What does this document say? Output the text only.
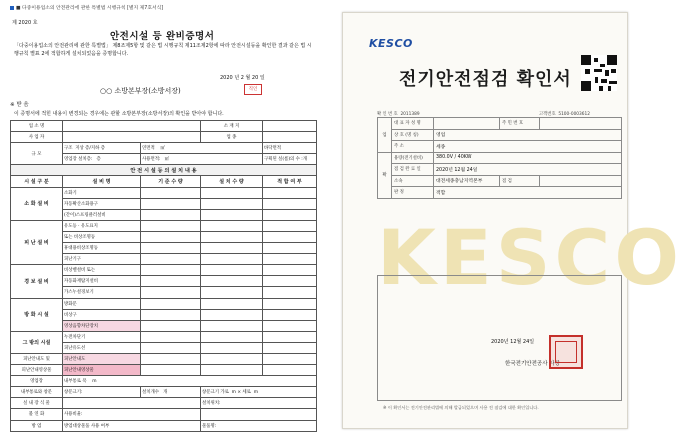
■ 다중이용업소의 안전관리에 관한 특별법 시행규칙 [별지 제7호서식]
제 2020 호
안전시설 등 완비증명서
「다중이용업소의 안전관리에 관한 특별법」 제8조제5항 및 같은 법 시행규칙 제11조제2항에 따라 안전시설등을 확인한 결과 같은 법 시행규칙 별표 2에 적합하게 설치되었음을 증명합니다.
2020 년 2 월 20 일
○○ 소방본부장(소방서장)	직인
※ 받 음
이 증명서에 적힌 내용이 변경되는 경우에는 관할 소방본부장(소방서장)의 확인을 받아야 합니다.
업 소 명			소 재 지	
사 업 자			업 종	
규 모	구조 지상 층/지하 층	연면적 ㎡		바닥면적
	영업장 설치층: 층	사용면적: ㎡		구획된 실(룸)의 수 :개
안 전 시 설 등 의 설 치 내 용				
시 설 구 분	설 비 명	기 준 수 량	설 치 수 량	적 합 여 부
소 화 설 비	소화기			
	자동확산소화용구			
	(간이)스프링클러설비			
피 난 설 비	유도등 · 유도표지			
	또는 비상조명등			
	휴대용비상조명등			
	피난기구			
경 보 설 비	비상벨설비 또는			
	자동화재탐지설비			
	가스누설경보기			
방 화 시 설	방화문			
	비상구			
	영상음향차단장치			
그 밖의 시설	누전차단기			
	피난유도선			
피난안내도 및	피난안내도			
피난안내영상물	피난안내영상물			
영업장	내부통로 폭 m			
내부통로와 창문	창문크기:	설치개수 개	창문크기 가로 m × 세로 m	
실 내 장 식 물			설치위치:	
불 연 화	사용비율:			
방 염	방염대상물품 사용 여부		물품명:	
KESCO
KESCO
전기안전점검 확인서
확 인 번 호 2011389	고객번호 5100-0003612
업	대 표 자 성 명		주 민 번 호	
	상 호 (명 칭)	영업		
	주 소	세종		
확	용량(전기설비)	380.0V / 40KW		
	점 검 완 료 일	2020년 12월 24일		
	소속	대전세종충남지역본부	점 검	
	판 정	적합		
2020년 12월 24일
한국전기안전공사 사장
※ 이 확인서는 전기안전관리법에 의해 발급되었으며 사용 전 점검에 대한 확인입니다.
